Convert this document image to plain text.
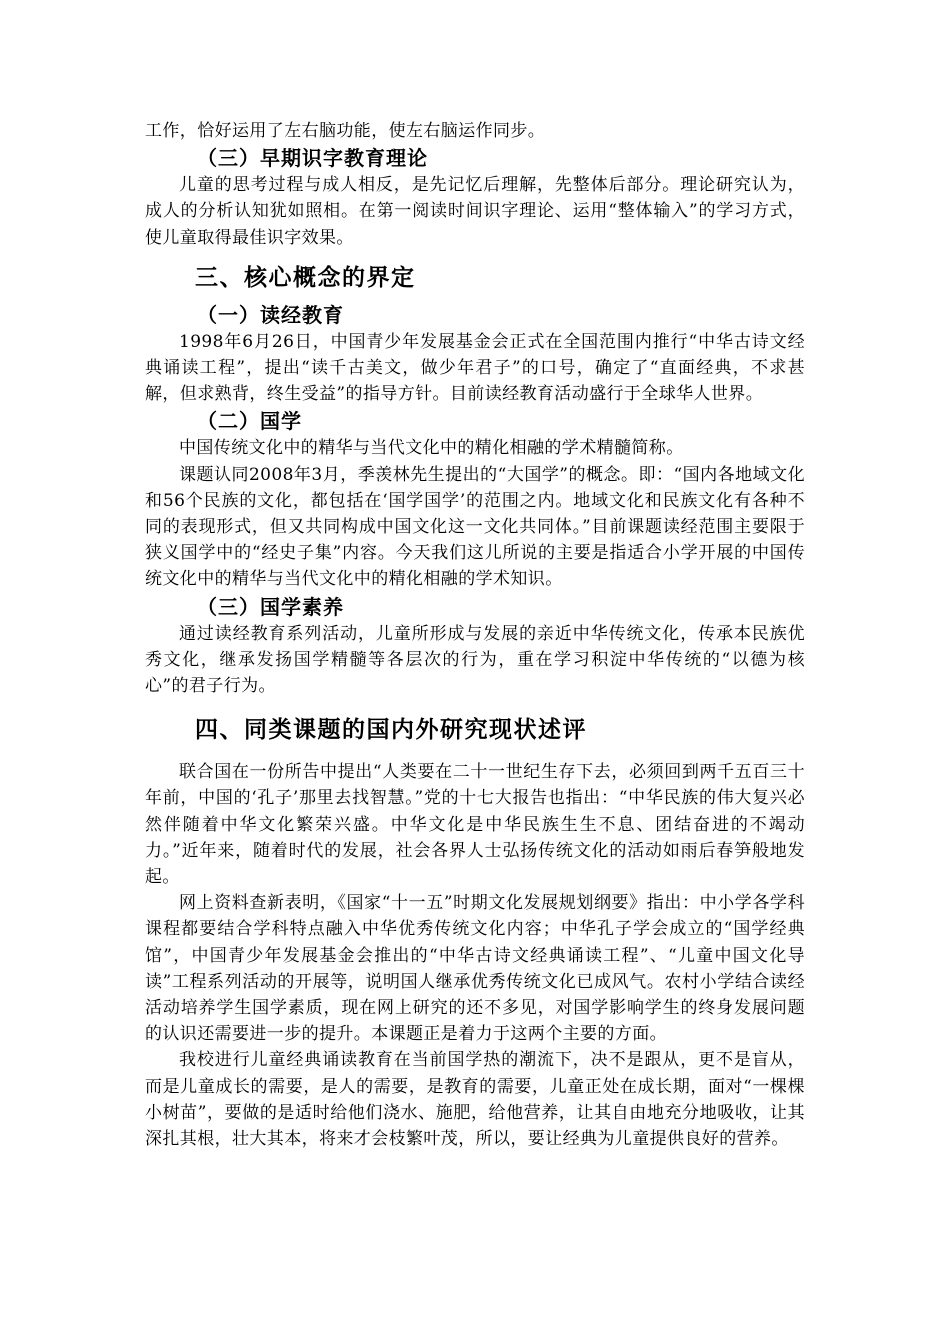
工作，恰好运用了左右脑功能，使左右脑运作同步。

（三）早期识字教育理论

儿童的思考过程与成人相反，是先记忆后理解，先整体后部分。理论研究认为，成人的分析认知犹如照相。在第一阅读时间识字理论、运用“整体输入”的学习方式，使儿童取得最佳识字效果。

三、核心概念的界定
（一）读经教育

1998年6月26日，中国青少年发展基金会正式在全国范围内推行“中华古诗文经典诵读工程”，提出“读千古美文，做少年君子”的口号，确定了“直面经典，不求甚解，但求熟背，终生受益”的指导方针。目前读经教育活动盛行于全球华人世界。

（二）国学

中国传统文化中的精华与当代文化中的精化相融的学术精髓简称。

课题认同2008年3月，季羡林先生提出的“大国学”的概念。即：“国内各地域文化和56个民族的文化，都包括在‘国学国学’的范围之内。地域文化和民族文化有各种不同的表现形式，但又共同构成中国文化这一文化共同体。”目前课题读经范围主要限于狭义国学中的“经史子集”内容。今天我们这儿所说的主要是指适合小学开展的中国传统文化中的精华与当代文化中的精化相融的学术知识。

（三）国学素养

通过读经教育系列活动，儿童所形成与发展的亲近中华传统文化，传承本民族优秀文化，继承发扬国学精髓等各层次的行为，重在学习积淀中华传统的“以德为核心”的君子行为。

四、同类课题的国内外研究现状述评

联合国在一份所告中提出“人类要在二十一世纪生存下去，必须回到两千五百三十年前，中国的‘孔子’那里去找智慧。”党的十七大报告也指出：“中华民族的伟大复兴必然伴随着中华文化繁荣兴盛。中华文化是中华民族生生不息、团结奋进的不竭动力。”近年来，随着时代的发展，社会各界人士弘扬传统文化的活动如雨后春笋般地发起。

网上资料查新表明，《国家“十一五”时期文化发展规划纲要》指出：中小学各学科课程都要结合学科特点融入中华优秀传统文化内容；中华孔子学会成立的“国学经典馆”，中国青少年发展基金会推出的“中华古诗文经典诵读工程”、“儿童中国文化导读”工程系列活动的开展等，说明国人继承优秀传统文化已成风气。农村小学结合读经活动培养学生国学素质，现在网上研究的还不多见，对国学影响学生的终身发展问题的认识还需要进一步的提升。本课题正是着力于这两个主要的方面。

我校进行儿童经典诵读教育在当前国学热的潮流下，决不是跟从，更不是盲从，而是儿童成长的需要，是人的需要，是教育的需要，儿童正处在成长期，面对“一棵棵小树苗”，要做的是适时给他们浇水、施肥，给他营养，让其自由地充分地吸收，让其深扎其根，壮大其本，将来才会枝繁叶茂，所以，要让经典为儿童提供良好的营养。
